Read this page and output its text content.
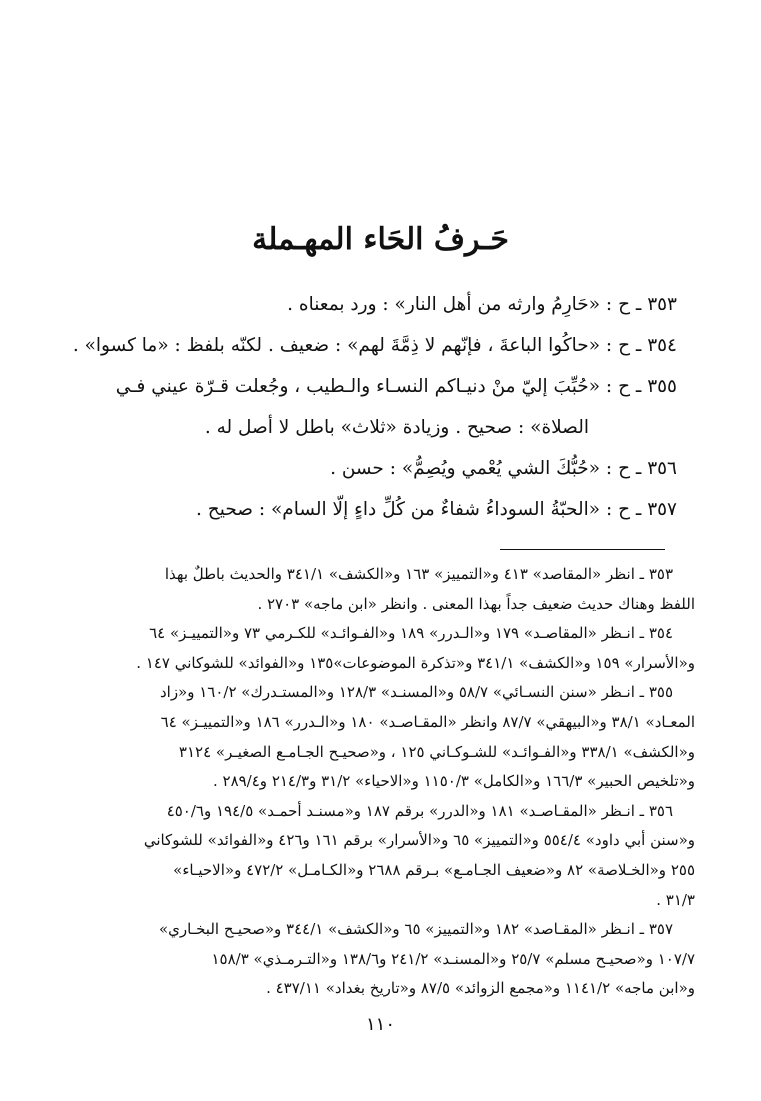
حَـرفُ الحَاء المهـملة
٣٥٣ ـ ح : «حَارِمُ وارثه من أهل النار» : ورد بمعناه .
٣٥٤ ـ ح : «حاكُوا الباعةَ ، فإنّهم لا ذِمَّةَ لهم» : ضعيف . لكنّه بلفظ : «ما كسوا» .
٣٥٥ ـ ح : «حُبِّبَ إليّ منْ دنيـاكم النسـاء والـطيب ، وجُعلت قـرّة عيني فـي
الصلاة» : صحيح . وزيادة «ثلاث» باطل لا أصل له .
٣٥٦ ـ ح : «حُبُّكَ الشي يُعْمي ويُصِمُّ» : حسن .
٣٥٧ ـ ح : «الحبّةُ السوداءُ شفاءٌ من كُلِّ داءٍ إلّا السام» : صحيح .
٣٥٣ ـ انظر «المقاصد» ٤١٣ و«التمييز» ١٦٣ و«الكشف» ٣٤١/١ والحديث باطلٌ بهذا
اللفظ وهناك حديث ضعيف جداً بهذا المعنى . وانظر «ابن ماجه» ٢٧٠٣ .
٣٥٤ ـ انـظر «المقاصـد» ١٧٩ و«الـدرر» ١٨٩ و«الفـوائـد» للكـرمي ٧٣ و«التمييـز» ٦٤
و«الأسرار» ١٥٩ و«الكشف» ٣٤١/١ و«تذكرة الموضوعات»١٣٥ و«الفوائد» للشوكاني ١٤٧ .
٣٥٥ ـ انـظر «سنن النسـائي» ٥٨/٧ و«المسنـد» ١٢٨/٣ و«المستـدرك» ١٦٠/٢ و«زاد
المعـاد» ٣٨/١ و«البيهقي» ٨٧/٧ وانظر «المقـاصـد» ١٨٠ و«الـدرر» ١٨٦ و«التمييـز» ٦٤
و«الكشف» ٣٣٨/١ و«الفـوائـد» للشـوكـاني ١٢٥ ، و«صحيـح الجـامـع الصغيـر» ٣١٢٤
و«تلخيص الحبير» ١٦٦/٣ و«الكامل» ١١٥٠/٣ و«الاحياء» ٣١/٢ و٢١٤/٣ و٢٨٩/٤ .
٣٥٦ ـ انـظر «المقـاصـد» ١٨١ و«الدرر» برقم ١٨٧ و«مسنـد أحمـد» ١٩٤/٥ و٤٥٠/٦
و«سنن أبي داود» ٥٥٤/٤ و«التمييز» ٦٥ و«الأسرار» برقم ١٦١ و٤٢٦ و«الفوائد» للشوكاني
٢٥٥ و«الخـلاصة» ٨٢ و«ضعيف الجـامـع» بـرقم ٢٦٨٨ و«الكـامـل» ٤٧٢/٢ و«الاحيـاء»
٣١/٣ .
٣٥٧ ـ انـظر «المقـاصد» ١٨٢ و«التمييز» ٦٥ و«الكشف» ٣٤٤/١ و«صحيـح البخـاري»
١٠٧/٧ و«صحيـح مسلم» ٢٥/٧ و«المسنـد» ٢٤١/٢ و١٣٨/٦ و«التـرمـذي» ١٥٨/٣
و«ابن ماجه» ١١٤١/٢ و«مجمع الزوائد» ٨٧/٥ و«تاريخ بغداد» ٤٣٧/١١ .
١١٠
